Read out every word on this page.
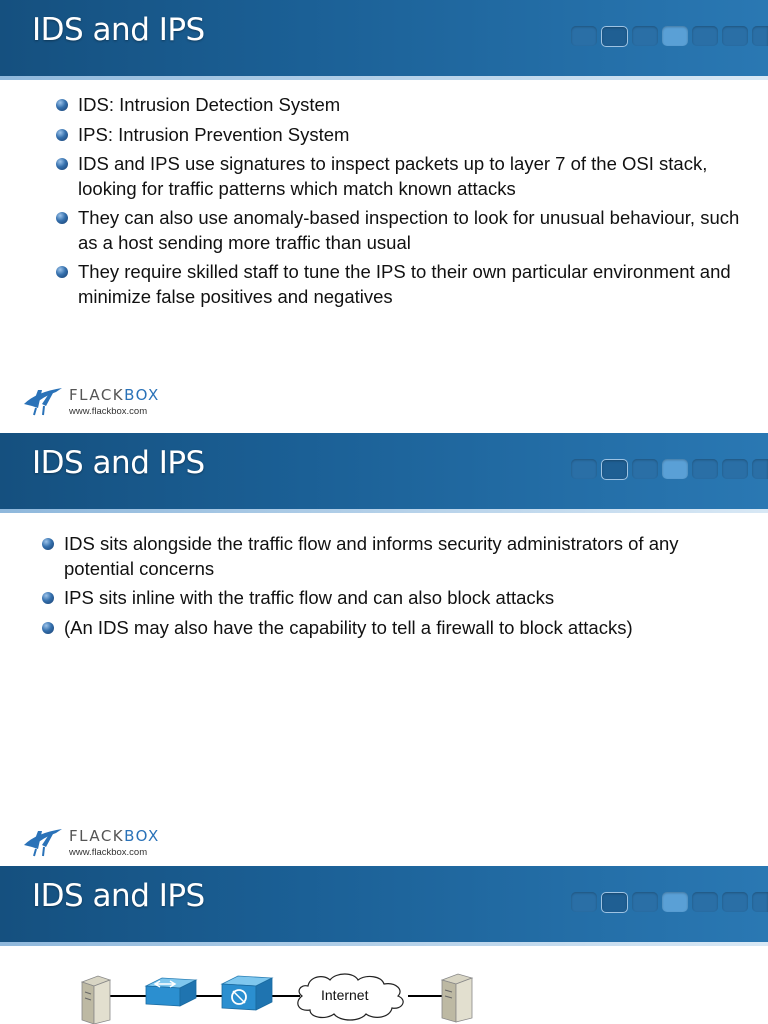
IDS and IPS
IDS: Intrusion Detection System
IPS: Intrusion Prevention System
IDS and IPS use signatures to inspect packets up to layer 7 of the OSI stack, looking for traffic patterns which match known attacks
They can also use anomaly-based inspection to look for unusual behaviour, such as a host sending more traffic than usual
They require skilled staff to tune the IPS to their own particular environment and minimize false positives and negatives
FLACKBOX
www.flackbox.com
IDS and IPS
IDS sits alongside the traffic flow and informs security administrators of any potential concerns
IPS sits inline with the traffic flow and can also block attacks
(An IDS may also have the capability to tell a firewall to block attacks)
FLACKBOX
www.flackbox.com
IDS and IPS
Internet
